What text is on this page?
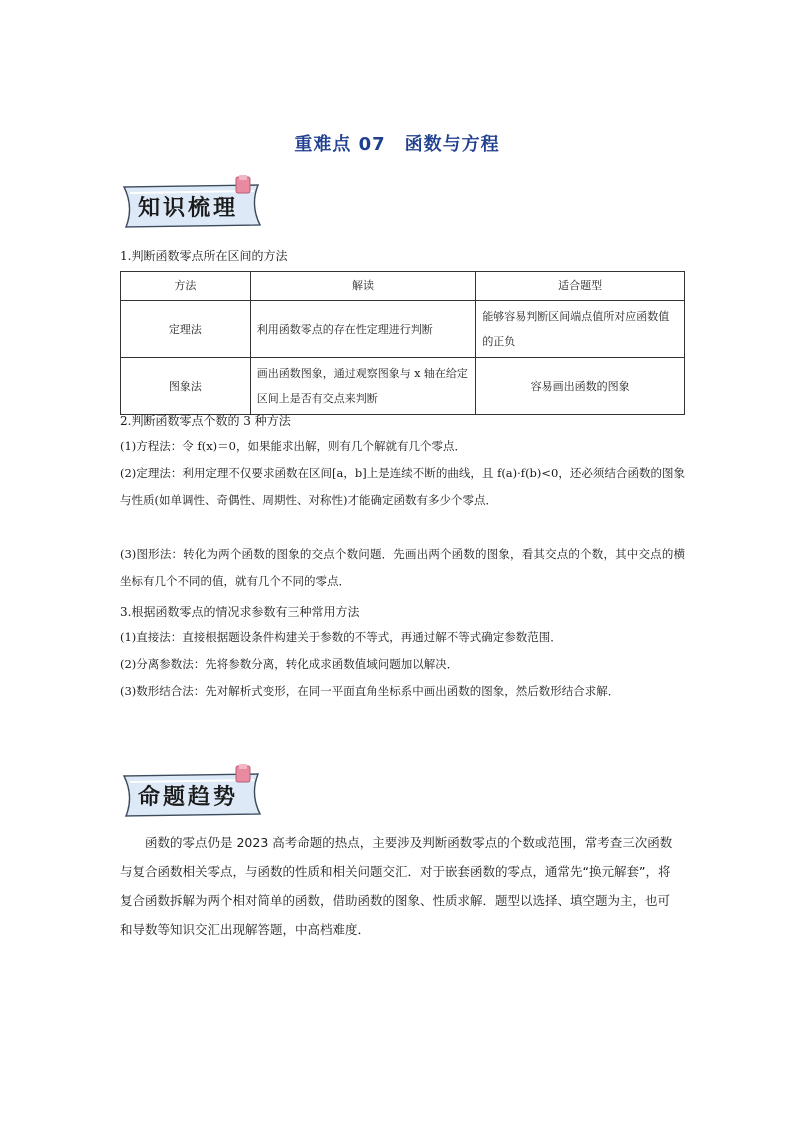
重难点 07　函数与方程
知识梳理
1.判断函数零点所在区间的方法
方法	解读	适合题型
定理法	利用函数零点的存在性定理进行判断	能够容易判断区间端点值所对应函数值的正负
图象法	画出函数图象，通过观察图象与 x 轴在给定区间上是否有交点来判断	容易画出函数的图象
2.判断函数零点个数的 3 种方法
(1)方程法：令 f(x)＝0，如果能求出解，则有几个解就有几个零点．
(2)定理法：利用定理不仅要求函数在区间[a，b]上是连续不断的曲线，且 f(a)·f(b)<0，还必须结合函数的图象与性质(如单调性、奇偶性、周期性、对称性)才能确定函数有多少个零点．
(3)图形法：转化为两个函数的图象的交点个数问题．先画出两个函数的图象，看其交点的个数，其中交点的横坐标有几个不同的值，就有几个不同的零点．
3.根据函数零点的情况求参数有三种常用方法
(1)直接法：直接根据题设条件构建关于参数的不等式，再通过解不等式确定参数范围．
(2)分离参数法：先将参数分离，转化成求函数值域问题加以解决．
(3)数形结合法：先对解析式变形，在同一平面直角坐标系中画出函数的图象，然后数形结合求解．
命题趋势
函数的零点仍是 2023 高考命题的热点，主要涉及判断函数零点的个数或范围，常考查三次函数与复合函数相关零点，与函数的性质和相关问题交汇．对于嵌套函数的零点，通常先“换元解套”，将复合函数拆解为两个相对简单的函数，借助函数的图象、性质求解．题型以选择、填空题为主，也可和导数等知识交汇出现解答题，中高档难度．
